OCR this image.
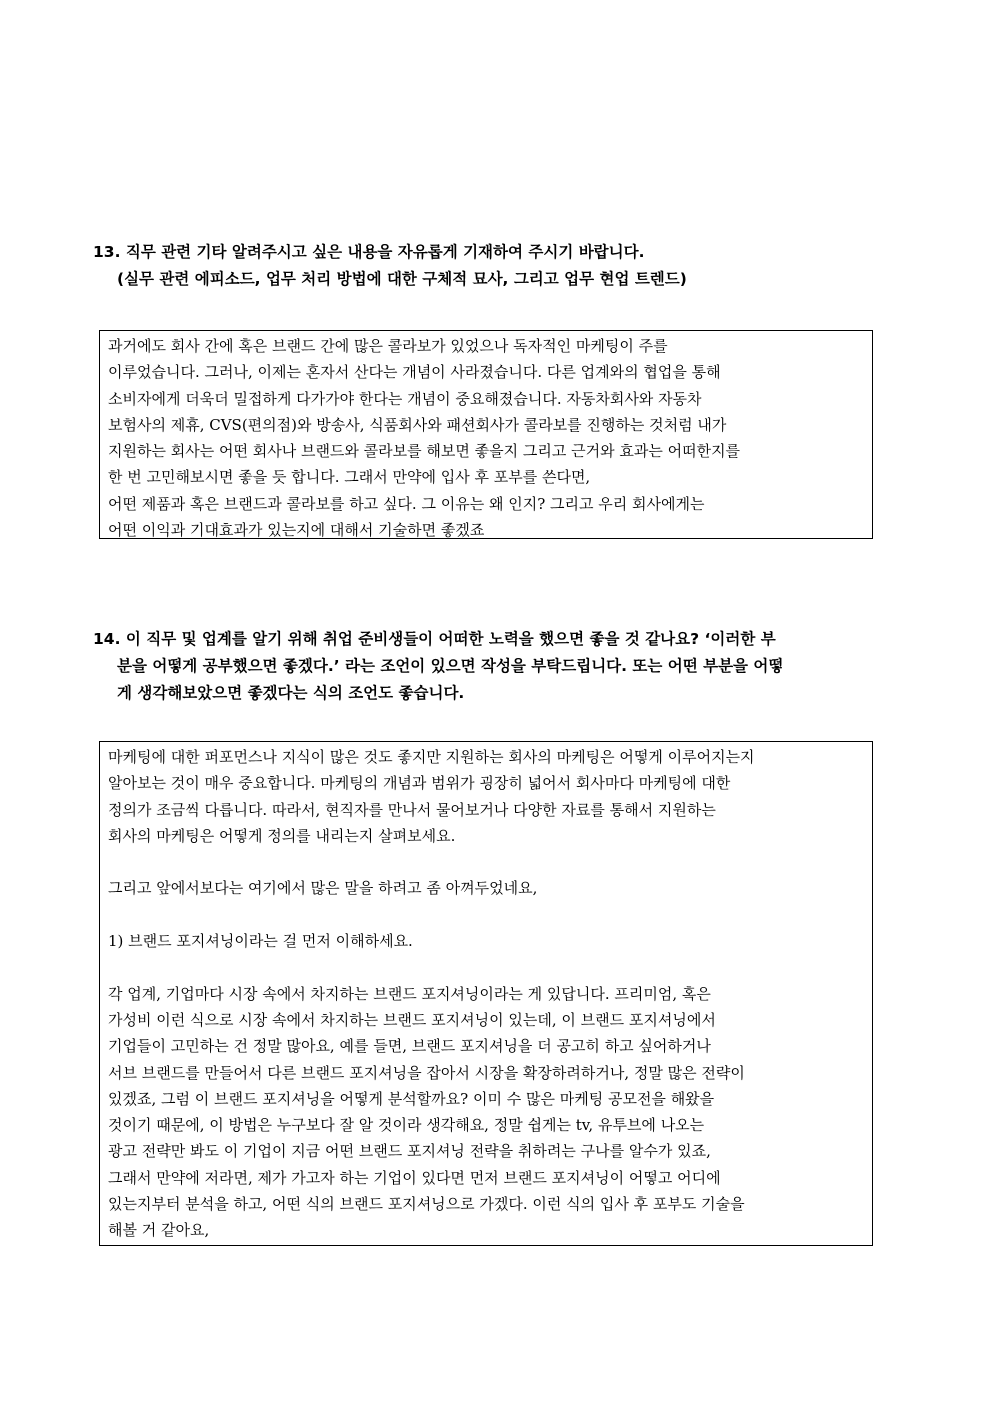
13. 직무 관련 기타 알려주시고 싶은 내용을 자유롭게 기재하여 주시기 바랍니다.
(실무 관련 에피소드, 업무 처리 방법에 대한 구체적 묘사, 그리고 업무 현업 트렌드)
과거에도 회사 간에 혹은 브랜드 간에 많은 콜라보가 있었으나 독자적인 마케팅이 주를
이루었습니다. 그러나, 이제는 혼자서 산다는 개념이 사라졌습니다. 다른 업계와의 협업을 통해
소비자에게 더욱더 밀접하게 다가가야 한다는 개념이 중요해졌습니다. 자동차회사와 자동차
보험사의 제휴, CVS(편의점)와 방송사, 식품회사와 패션회사가 콜라보를 진행하는 것처럼 내가
지원하는 회사는 어떤 회사나 브랜드와 콜라보를 해보면 좋을지 그리고 근거와 효과는 어떠한지를
한 번 고민해보시면 좋을 듯 합니다. 그래서 만약에 입사 후 포부를 쓴다면,
어떤 제품과 혹은 브랜드과 콜라보를 하고 싶다. 그 이유는 왜 인지? 그리고 우리 회사에게는
어떤 이익과 기대효과가 있는지에 대해서 기술하면 좋겠죠
14. 이 직무 및 업계를 알기 위해 취업 준비생들이 어떠한 노력을 했으면 좋을 것 같나요? ‘이러한 부
분을 어떻게 공부했으면 좋겠다.’ 라는 조언이 있으면 작성을 부탁드립니다. 또는 어떤 부분을 어떻
게 생각해보았으면 좋겠다는 식의 조언도 좋습니다.
마케팅에 대한 퍼포먼스나 지식이 많은 것도 좋지만 지원하는 회사의 마케팅은 어떻게 이루어지는지
알아보는 것이 매우 중요합니다. 마케팅의 개념과 범위가 굉장히 넓어서 회사마다 마케팅에 대한
정의가 조금씩 다릅니다. 따라서, 현직자를 만나서 물어보거나 다양한 자료를 통해서 지원하는
회사의 마케팅은 어떻게 정의를 내리는지 살펴보세요.
그리고 앞에서보다는 여기에서 많은 말을 하려고 좀 아껴두었네요,
1) 브랜드 포지셔닝이라는 걸 먼저 이해하세요.
각 업계, 기업마다 시장 속에서 차지하는 브랜드 포지셔닝이라는 게 있답니다. 프리미엄, 혹은
가성비 이런 식으로 시장 속에서 차지하는 브랜드 포지셔닝이 있는데, 이 브랜드 포지셔닝에서
기업들이 고민하는 건 정말 많아요, 예를 들면, 브랜드 포지셔닝을 더 공고히 하고 싶어하거나
서브 브랜드를 만들어서 다른 브랜드 포지셔닝을 잡아서 시장을 확장하려하거나, 정말 많은 전략이
있겠죠, 그럼 이 브랜드 포지셔닝을 어떻게 분석할까요? 이미 수 많은 마케팅 공모전을 해왔을
것이기 때문에, 이 방법은 누구보다 잘 알 것이라 생각해요, 정말 쉽게는 tv, 유투브에 나오는
광고 전략만 봐도 이 기업이 지금 어떤 브랜드 포지셔닝 전략을 취하려는 구나를 알수가 있죠,
그래서 만약에 저라면, 제가 가고자 하는 기업이 있다면 먼저 브랜드 포지셔닝이 어떻고 어디에
있는지부터 분석을 하고, 어떤 식의 브랜드 포지셔닝으로 가겠다. 이런 식의 입사 후 포부도 기술을
해볼 거 같아요,
